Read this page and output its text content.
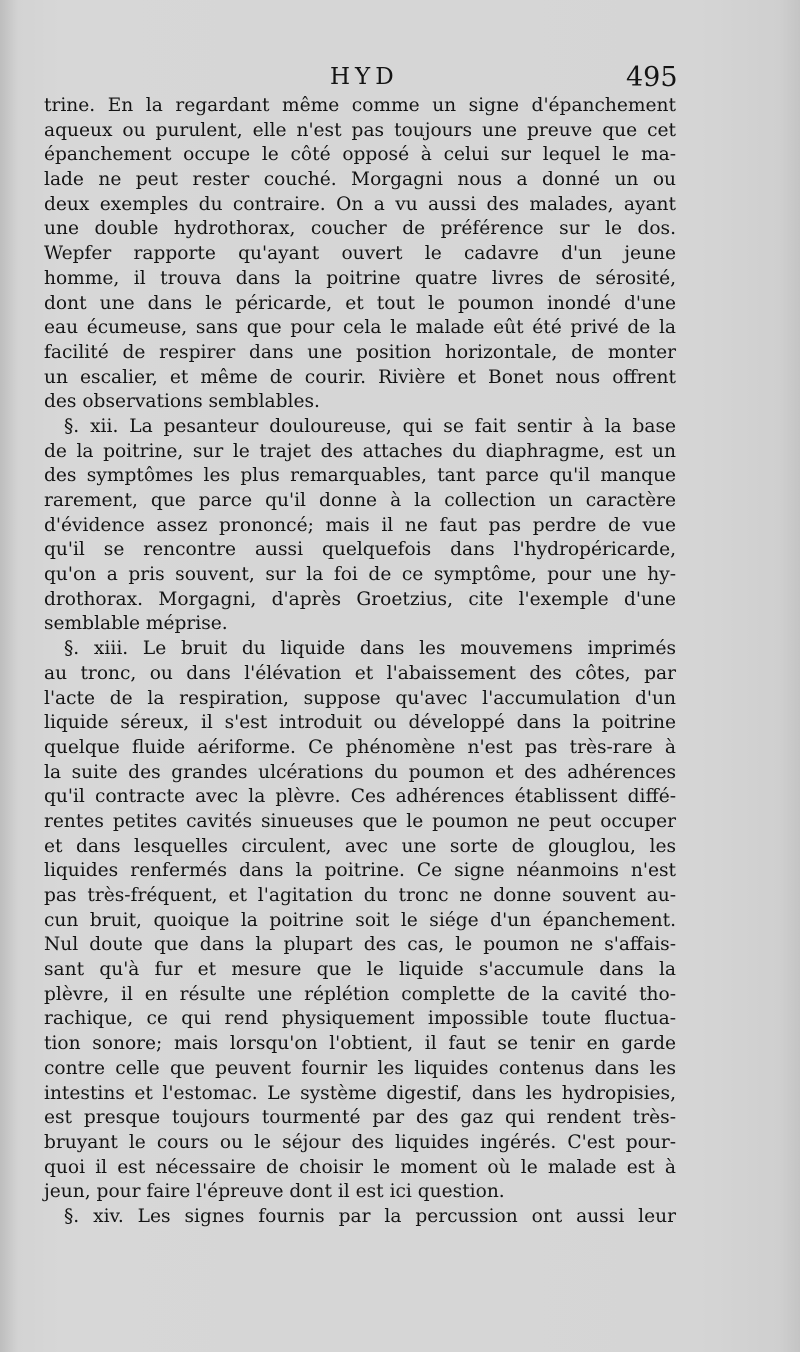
HYD	495
trine. En la regardant même comme un signe d'épanchement
aqueux ou purulent, elle n'est pas toujours une preuve que cet
épanchement occupe le côté opposé à celui sur lequel le ma-
lade ne peut rester couché. Morgagni nous a donné un ou
deux exemples du contraire. On a vu aussi des malades, ayant
une double hydrothorax, coucher de préférence sur le dos.
Wepfer rapporte qu'ayant ouvert le cadavre d'un jeune
homme, il trouva dans la poitrine quatre livres de sérosité,
dont une dans le péricarde, et tout le poumon inondé d'une
eau écumeuse, sans que pour cela le malade eût été privé de la
facilité de respirer dans une position horizontale, de monter
un escalier, et même de courir. Rivière et Bonet nous offrent
des observations semblables.
§. xii. La pesanteur douloureuse, qui se fait sentir à la base
de la poitrine, sur le trajet des attaches du diaphragme, est un
des symptômes les plus remarquables, tant parce qu'il manque
rarement, que parce qu'il donne à la collection un caractère
d'évidence assez prononcé; mais il ne faut pas perdre de vue
qu'il se rencontre aussi quelquefois dans l'hydropéricarde,
qu'on a pris souvent, sur la foi de ce symptôme, pour une hy-
drothorax. Morgagni, d'après Groetzius, cite l'exemple d'une
semblable méprise.
§. xiii. Le bruit du liquide dans les mouvemens imprimés
au tronc, ou dans l'élévation et l'abaissement des côtes, par
l'acte de la respiration, suppose qu'avec l'accumulation d'un
liquide séreux, il s'est introduit ou développé dans la poitrine
quelque fluide aériforme. Ce phénomène n'est pas très-rare à
la suite des grandes ulcérations du poumon et des adhérences
qu'il contracte avec la plèvre. Ces adhérences établissent diffé-
rentes petites cavités sinueuses que le poumon ne peut occuper
et dans lesquelles circulent, avec une sorte de glouglou, les
liquides renfermés dans la poitrine. Ce signe néanmoins n'est
pas très-fréquent, et l'agitation du tronc ne donne souvent au-
cun bruit, quoique la poitrine soit le siége d'un épanchement.
Nul doute que dans la plupart des cas, le poumon ne s'affais-
sant qu'à fur et mesure que le liquide s'accumule dans la
plèvre, il en résulte une réplétion complette de la cavité tho-
rachique, ce qui rend physiquement impossible toute fluctua-
tion sonore; mais lorsqu'on l'obtient, il faut se tenir en garde
contre celle que peuvent fournir les liquides contenus dans les
intestins et l'estomac. Le système digestif, dans les hydropisies,
est presque toujours tourmenté par des gaz qui rendent très-
bruyant le cours ou le séjour des liquides ingérés. C'est pour-
quoi il est nécessaire de choisir le moment où le malade est à
jeun, pour faire l'épreuve dont il est ici question.
§. xiv. Les signes fournis par la percussion ont aussi leur
